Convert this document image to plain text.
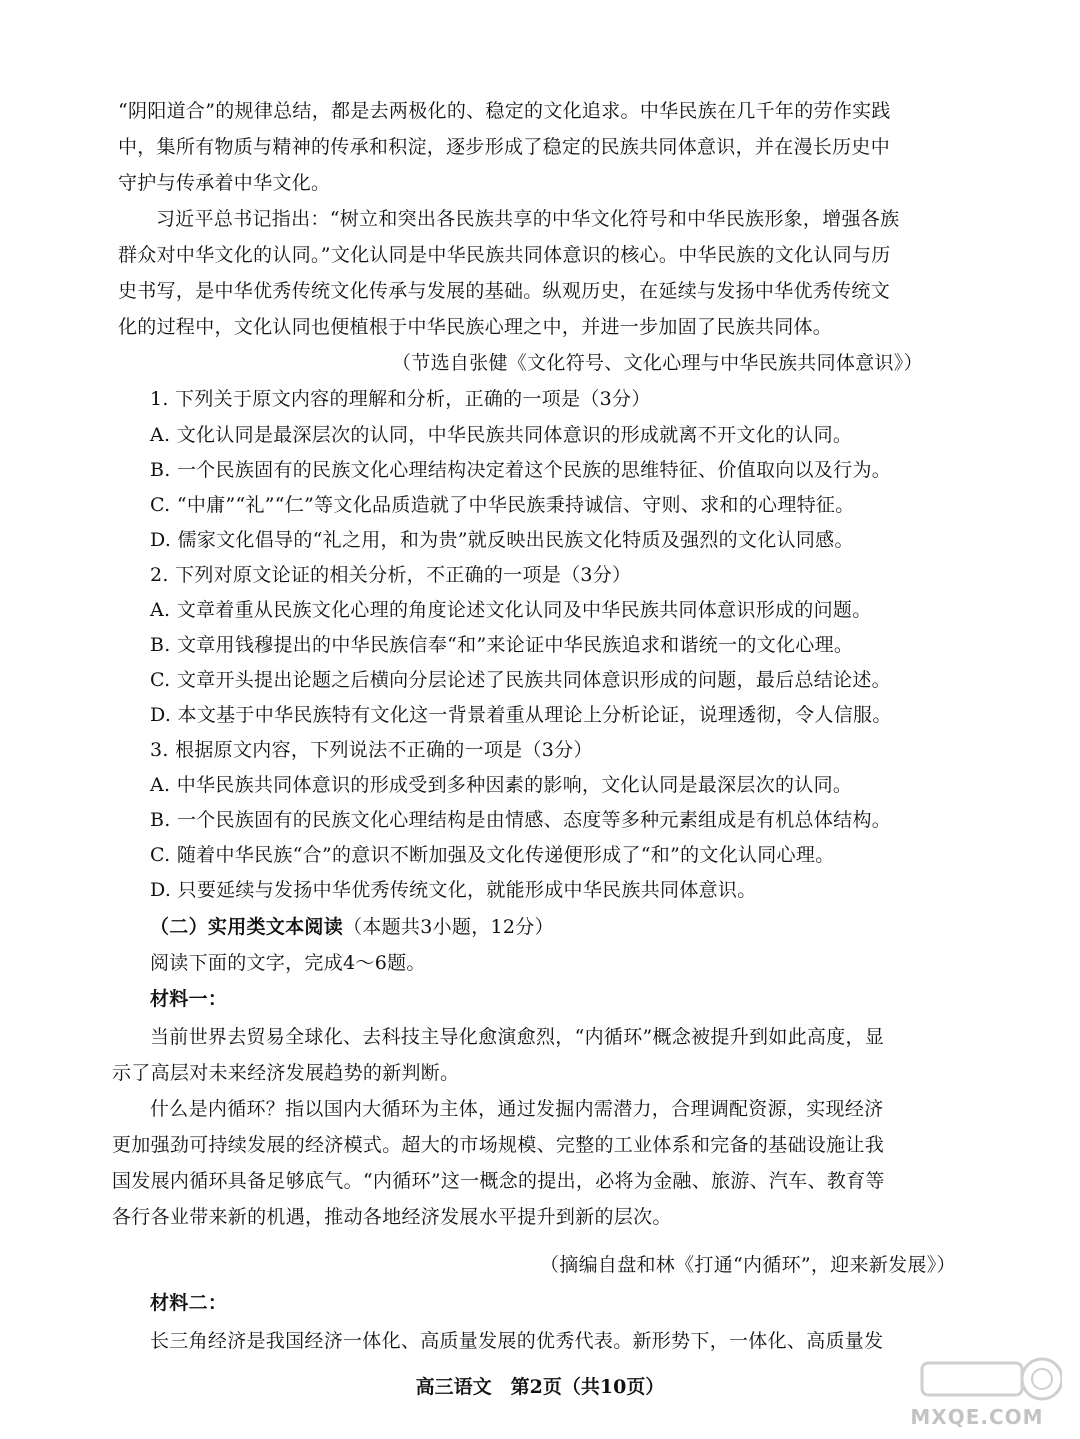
“阴阳道合”的规律总结，都是去两极化的、稳定的文化追求。中华民族在几千年的劳作实践
中，集所有物质与精神的传承和积淀，逐步形成了稳定的民族共同体意识，并在漫长历史中
守护与传承着中华文化。
习近平总书记指出：“树立和突出各民族共享的中华文化符号和中华民族形象，增强各族
群众对中华文化的认同。”文化认同是中华民族共同体意识的核心。中华民族的文化认同与历
史书写，是中华优秀传统文化传承与发展的基础。纵观历史，在延续与发扬中华优秀传统文
化的过程中，文化认同也便植根于中华民族心理之中，并进一步加固了民族共同体。
（节选自张健《文化符号、文化心理与中华民族共同体意识》）
1. 下列关于原文内容的理解和分析，正确的一项是（3分）
A. 文化认同是最深层次的认同，中华民族共同体意识的形成就离不开文化的认同。
B. 一个民族固有的民族文化心理结构决定着这个民族的思维特征、价值取向以及行为。
C. “中庸”“礼”“仁”等文化品质造就了中华民族秉持诚信、守则、求和的心理特征。
D. 儒家文化倡导的“礼之用，和为贵”就反映出民族文化特质及强烈的文化认同感。
2. 下列对原文论证的相关分析，不正确的一项是（3分）
A. 文章着重从民族文化心理的角度论述文化认同及中华民族共同体意识形成的问题。
B. 文章用钱穆提出的中华民族信奉“和”来论证中华民族追求和谐统一的文化心理。
C. 文章开头提出论题之后横向分层论述了民族共同体意识形成的问题，最后总结论述。
D. 本文基于中华民族特有文化这一背景着重从理论上分析论证，说理透彻，令人信服。
3. 根据原文内容，下列说法不正确的一项是（3分）
A. 中华民族共同体意识的形成受到多种因素的影响，文化认同是最深层次的认同。
B. 一个民族固有的民族文化心理结构是由情感、态度等多种元素组成是有机总体结构。
C. 随着中华民族“合”的意识不断加强及文化传递便形成了“和”的文化认同心理。
D. 只要延续与发扬中华优秀传统文化，就能形成中华民族共同体意识。
（二）实用类文本阅读（本题共3小题，12分）
阅读下面的文字，完成4～6题。
材料一：
当前世界去贸易全球化、去科技主导化愈演愈烈，“内循环”概念被提升到如此高度，显
示了高层对未来经济发展趋势的新判断。
什么是内循环？指以国内大循环为主体，通过发掘内需潜力，合理调配资源，实现经济
更加强劲可持续发展的经济模式。超大的市场规模、完整的工业体系和完备的基础设施让我
国发展内循环具备足够底气。“内循环”这一概念的提出，必将为金融、旅游、汽车、教育等
各行各业带来新的机遇，推动各地经济发展水平提升到新的层次。
（摘编自盘和林《打通“内循环”，迎来新发展》）
材料二：
长三角经济是我国经济一体化、高质量发展的优秀代表。新形势下，一体化、高质量发
高三语文　第2页（共10页）
MXQE.COM
